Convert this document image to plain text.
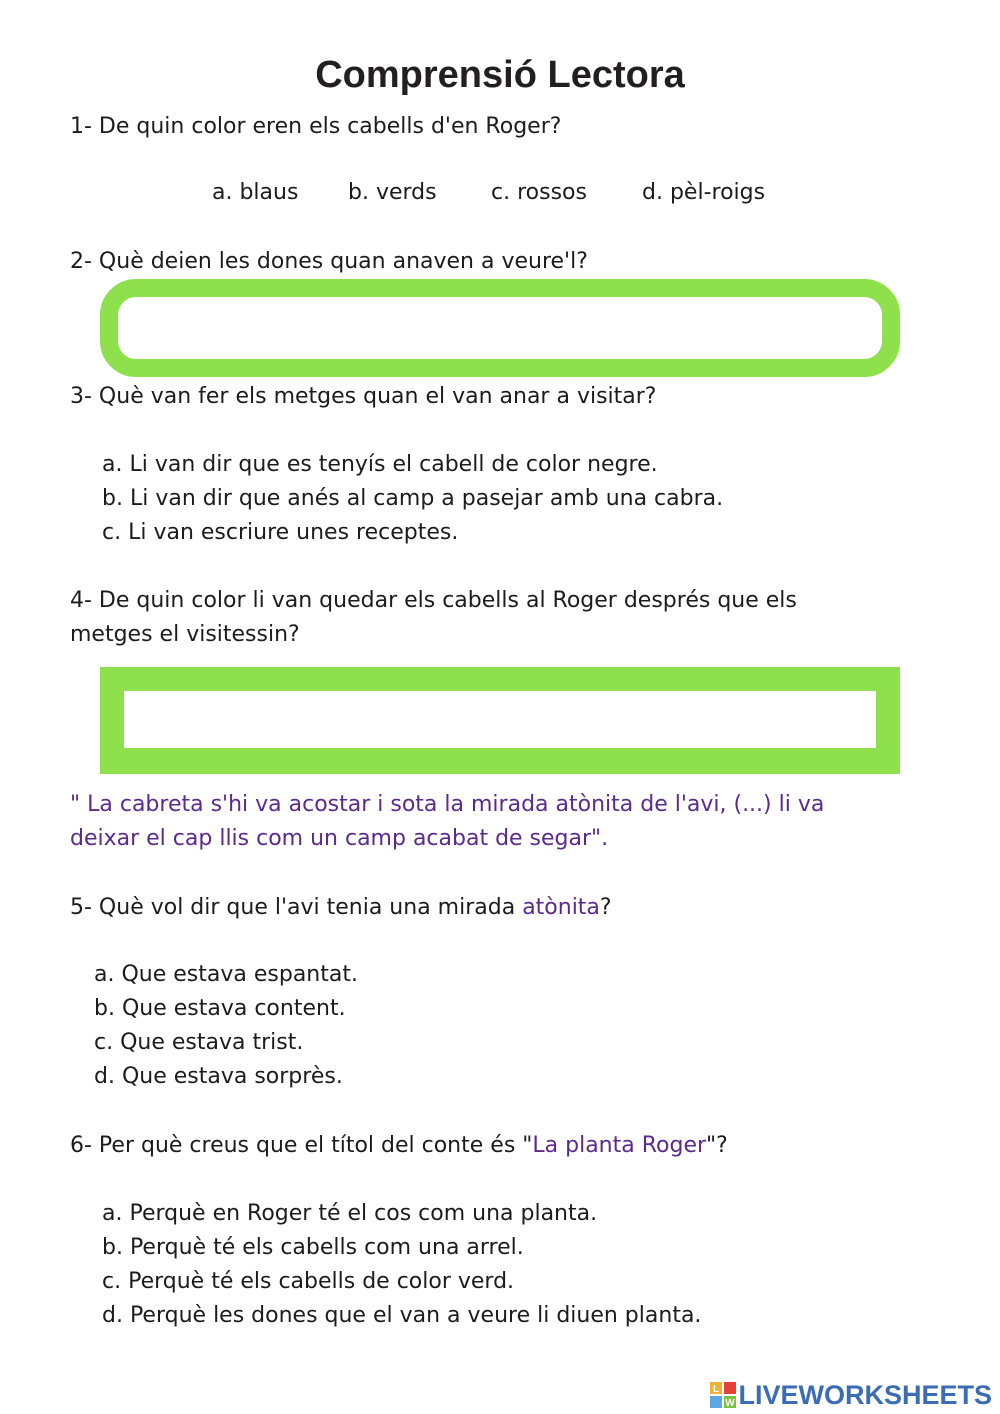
Comprensió Lectora
1- De quin color eren els cabells d'en Roger?
a. blaus b. verds c. rossos	d. pèl-roigs
2- Què deien les dones quan anaven a veure'l?
3- Què van fer els metges quan el van anar a visitar?
a. Li van dir que es tenyís el cabell de color negre.
b. Li van dir que anés al camp a pasejar amb una cabra.
c. Li van escriure unes receptes.
4- De quin color li van quedar els cabells al Roger després que els
metges el visitessin?
" La cabreta s'hi va acostar i sota la mirada atònita de l'avi, (...) li va
deixar el cap llis com un camp acabat de segar".
5- Què vol dir que l'avi tenia una mirada atònita?
a. Que estava espantat.
b. Que estava content.
c. Que estava trist.
d. Que estava sorprès.
6- Per què creus que el títol del conte és "La planta Roger"?
a. Perquè en Roger té el cos com una planta.
b. Perquè té els cabells com una arrel.
c. Perquè té els cabells de color verd.
d. Perquè les dones que el van a veure li diuen planta.
L
W LIVEWORKSHEETS
